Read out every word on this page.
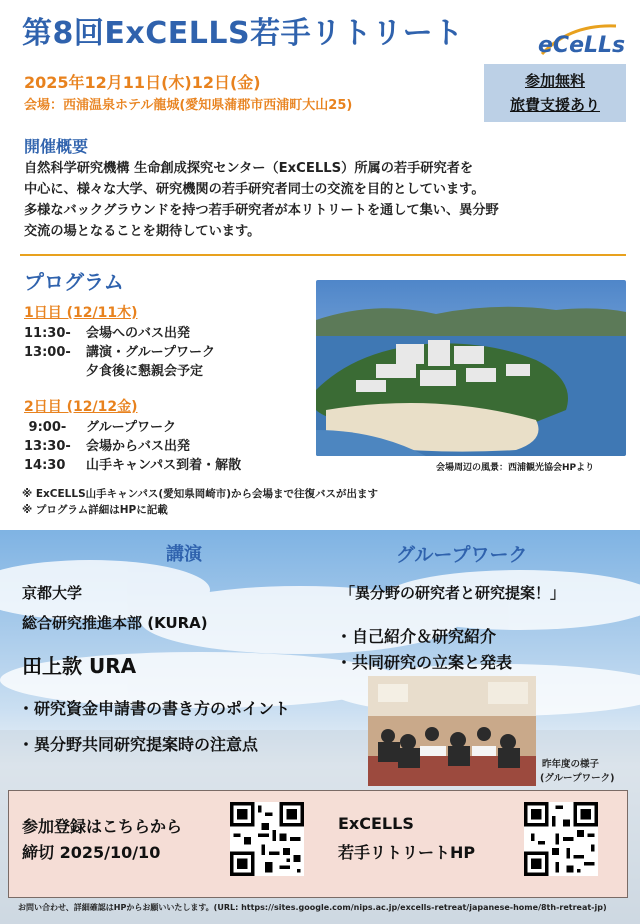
第8回ExCELLS若手リトリート	eCeLLs
2025年12月11日(木)12日(金)
会場：西浦温泉ホテル龍城(愛知県蒲郡市西浦町大山25)
参加無料
旅費支援あり
開催概要
自然科学研究機構 生命創成探究センター（ExCELLS）所属の若手研究者を
中心に、様々な大学、研究機関の若手研究者同士の交流を目的としています。
多様なバックグラウンドを持つ若手研究者が本リトリートを通して集い、異分野
交流の場となることを期待しています。
プログラム
1日目 (12/11木)
11:30- 会場へのバス出発
13:00- 講演・グループワーク
夕食後に懇親会予定
2日目 (12/12金)
9:00- グループワーク
13:30- 会場からバス出発
14:30 山手キャンパス到着・解散	会場周辺の風景：西浦観光協会HPより
※ ExCELLS山手キャンパス(愛知県岡崎市)から会場まで往復バスが出ます
※ プログラム詳細はHPに記載
講演
京都大学
総合研究推進本部 (KURA)
田上款 URA
・研究資金申請書の書き方のポイント
・異分野共同研究提案時の注意点
グループワーク
「異分野の研究者と研究提案！」
・自己紹介＆研究紹介
・共同研究の立案と発表
昨年度の様子
(グループワーク)
参加登録はこちらから
締切 2025/10/10
ExCELLS
若手リトリートHP
お問い合わせ、詳細確認はHPからお願いいたします。(URL: https://sites.google.com/nips.ac.jp/excells-retreat/japanese-home/8th-retreat-jp)
